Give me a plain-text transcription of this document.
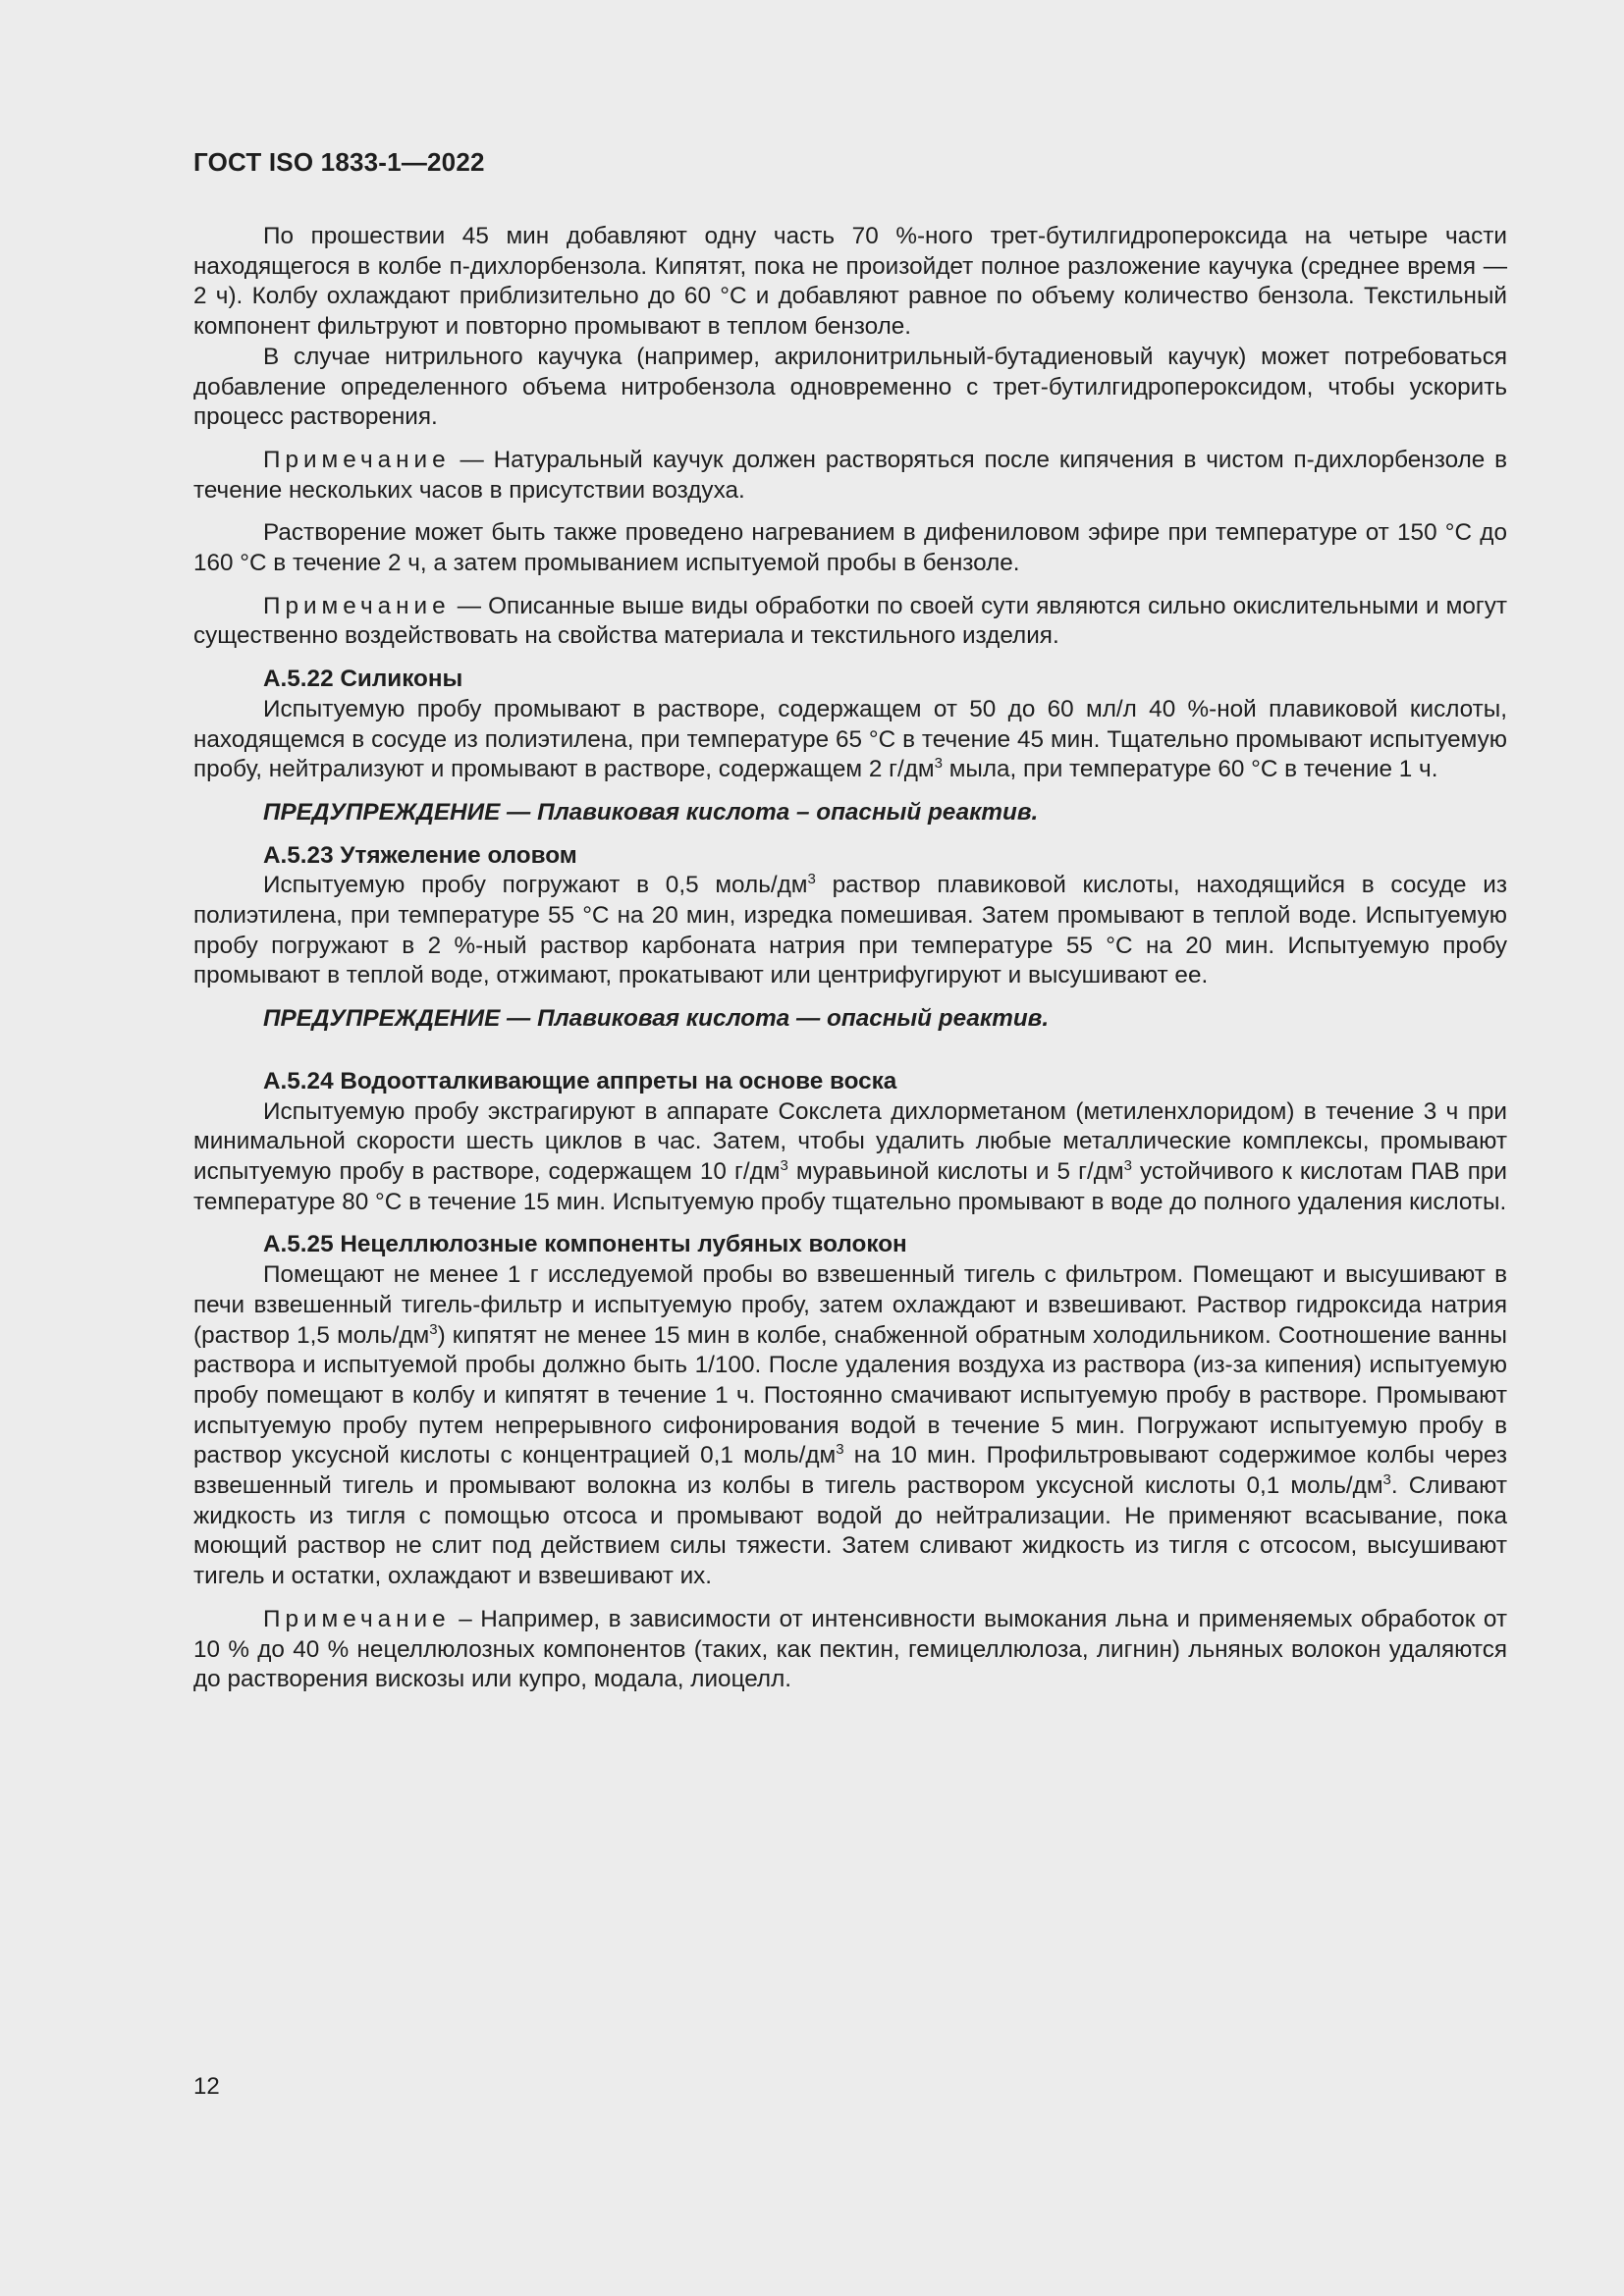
ГОСТ ISO 1833-1—2022

По прошествии 45 мин добавляют одну часть 70 %-ного трет-бутилгидропероксида на четыре части находящегося в колбе п-дихлорбензола. Кипятят, пока не произойдет полное разложение каучука (среднее время — 2 ч). Колбу охлаждают приблизительно до 60 °C и добавляют равное по объему количество бензола. Текстильный компонент фильтруют и повторно промывают в теплом бензоле.

В случае нитрильного каучука (например, акрилонитрильный-бутадиеновый каучук) может потребоваться добавление определенного объема нитробензола одновременно с трет-бутилгидропероксидом, чтобы ускорить процесс растворения.

Примечание — Натуральный каучук должен растворяться после кипячения в чистом п-дихлорбензоле в течение нескольких часов в присутствии воздуха.

Растворение может быть также проведено нагреванием в дифениловом эфире при температуре от 150 °C до 160 °C в течение 2 ч, а затем промыванием испытуемой пробы в бензоле.

Примечание — Описанные выше виды обработки по своей сути являются сильно окислительными и могут существенно воздействовать на свойства материала и текстильного изделия.

А.5.22 Силиконы

Испытуемую пробу промывают в растворе, содержащем от 50 до 60 мл/л 40 %-ной плавиковой кислоты, находящемся в сосуде из полиэтилена, при температуре 65 °C в течение 45 мин. Тщательно промывают испытуемую пробу, нейтрализуют и промывают в растворе, содержащем 2 $г/дм^3$ мыла, при температуре 60 °C в течение 1 ч.

ПРЕДУПРЕЖДЕНИЕ — Плавиковая кислота – опасный реактив.

А.5.23 Утяжеление оловом

Испытуемую пробу погружают в 0,5 моль/$дм^3$ раствор плавиковой кислоты, находящийся в сосуде из полиэтилена, при температуре 55 °C на 20 мин, изредка помешивая. Затем промывают в теплой воде. Испытуемую пробу погружают в 2 %-ный раствор карбоната натрия при температуре 55 °C на 20 мин. Испытуемую пробу промывают в теплой воде, отжимают, прокатывают или центрифугируют и высушивают ее.

ПРЕДУПРЕЖДЕНИЕ — Плавиковая кислота — опасный реактив.

А.5.24 Водоотталкивающие аппреты на основе воска

Испытуемую пробу экстрагируют в аппарате Сокслета дихлорметаном (метиленхлоридом) в течение 3 ч при минимальной скорости шесть циклов в час. Затем, чтобы удалить любые металлические комплексы, промывают испытуемую пробу в растворе, содержащем 10 $г/дм^3$ муравьиной кислоты и 5 $г/дм^3$ устойчивого к кислотам ПАВ при температуре 80 °C в течение 15 мин. Испытуемую пробу тщательно промывают в воде до полного удаления кислоты.

А.5.25 Нецеллюлозные компоненты лубяных волокон

Помещают не менее 1 г исследуемой пробы во взвешенный тигель с фильтром. Помещают и высушивают в печи взвешенный тигель-фильтр и испытуемую пробу, затем охлаждают и взвешивают. Раствор гидроксида натрия (раствор 1,5 моль/$дм^3$) кипятят не менее 15 мин в колбе, снабженной обратным холодильником. Соотношение ванны раствора и испытуемой пробы должно быть 1/100. После удаления воздуха из раствора (из-за кипения) испытуемую пробу помещают в колбу и кипятят в течение 1 ч. Постоянно смачивают испытуемую пробу в растворе. Промывают испытуемую пробу путем непрерывного сифонирования водой в течение 5 мин. Погружают испытуемую пробу в раствор уксусной кислоты с концентрацией 0,1 моль/$дм^3$ на 10 мин. Профильтровывают содержимое колбы через взвешенный тигель и промывают волокна из колбы в тигель раствором уксусной кислоты 0,1 моль/$дм^3$. Сливают жидкость из тигля с помощью отсоса и промывают водой до нейтрализации. Не применяют всасывание, пока моющий раствор не слит под действием силы тяжести. Затем сливают жидкость из тигля с отсосом, высушивают тигель и остатки, охлаждают и взвешивают их.

Примечание – Например, в зависимости от интенсивности вымокания льна и применяемых обработок от 10 % до 40 % нецеллюлозных компонентов (таких, как пектин, гемицеллюлоза, лигнин) льняных волокон удаляются до растворения вискозы или купро, модала, лиоцелл.

12
